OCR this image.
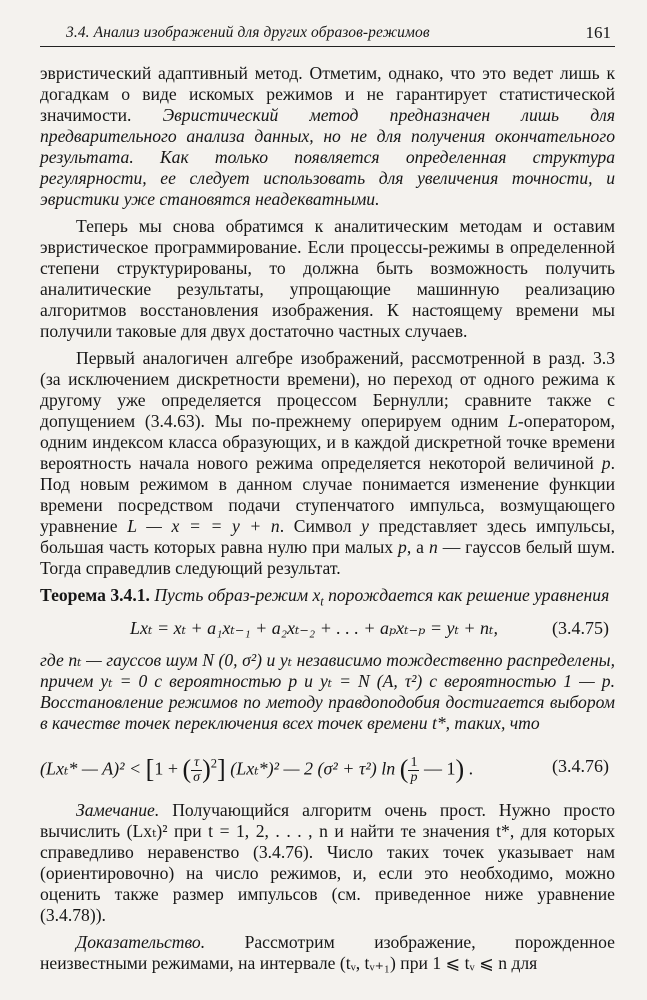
3.4. Анализ изображений для других образов-режимов	161

эвристический адаптивный метод. Отметим, однако, что это ведет лишь к догадкам о виде искомых режимов и не гарантирует статистической значимости. Эвристический метод предназначен лишь для предварительного анализа данных, но не для получения окончательного результата. Как только появляется определенная структура регулярности, ее следует использовать для увеличения точности, и эвристики уже становятся неадекватными.

Теперь мы снова обратимся к аналитическим методам и оставим эвристическое программирование. Если процессы-режимы в определенной степени структурированы, то должна быть возможность получить аналитические результаты, упрощающие машинную реализацию алгоритмов восстановления изображения. К настоящему времени мы получили таковые для двух достаточно частных случаев.

Первый аналогичен алгебре изображений, рассмотренной в разд. 3.3 (за исключением дискретности времени), но переход от одного режима к другому уже определяется процессом Бернулли; сравните также с допущением (3.4.63). Мы по-прежнему оперируем одним L-оператором, одним индексом класса образующих, и в каждой дискретной точке времени вероятность начала нового режима определяется некоторой величиной p. Под новым режимом в данном случае понимается изменение функции времени посредством подачи ступенчатого импульса, возмущающего уравнение L — x = = y + n. Символ y представляет здесь импульсы, большая часть которых равна нулю при малых p, а n — гауссов белый шум. Тогда справедлив следующий результат.

Теорема 3.4.1. Пусть образ-режим $x_t$ порождается как решение уравнения

Lxₜ = xₜ + a₁xₜ₋₁ + a₂xₜ₋₂ + . . . + aₚxₜ₋ₚ = yₜ + nₜ,	(3.4.75)

где nₜ — гауссов шум N (0, σ²) и yₜ независимо тождественно распределены, причем yₜ = 0 с вероятностью p и yₜ = N (A, τ²) с вероятностью 1 — p. Восстановление режимов по методу правдоподобия достигается выбором в качестве точек переключения всех точек времени t*, таких, что

(Lxₜ* — A)² < [1 + ( $\frac{\tau}{\sigma} )^2$] (Lxₜ*)² — 2 (σ² + τ²) ln ( $\frac{1}{p}$ — 1) .	(3.4.76)

Замечание. Получающийся алгоритм очень прост. Нужно просто вычислить (Lxₜ)² при t = 1, 2, . . . , n и найти те значения t*, для которых справедливо неравенство (3.4.76). Число таких точек указывает нам (ориентировочно) на число режимов, и, если это необходимо, можно оценить также размер импульсов (см. приведенное ниже уравнение (3.4.78)).

Доказательство. Рассмотрим изображение, порожденное неизвестными режимами, на интервале (tᵥ, tᵥ₊₁) при 1 ⩽ tᵥ ⩽ n для
